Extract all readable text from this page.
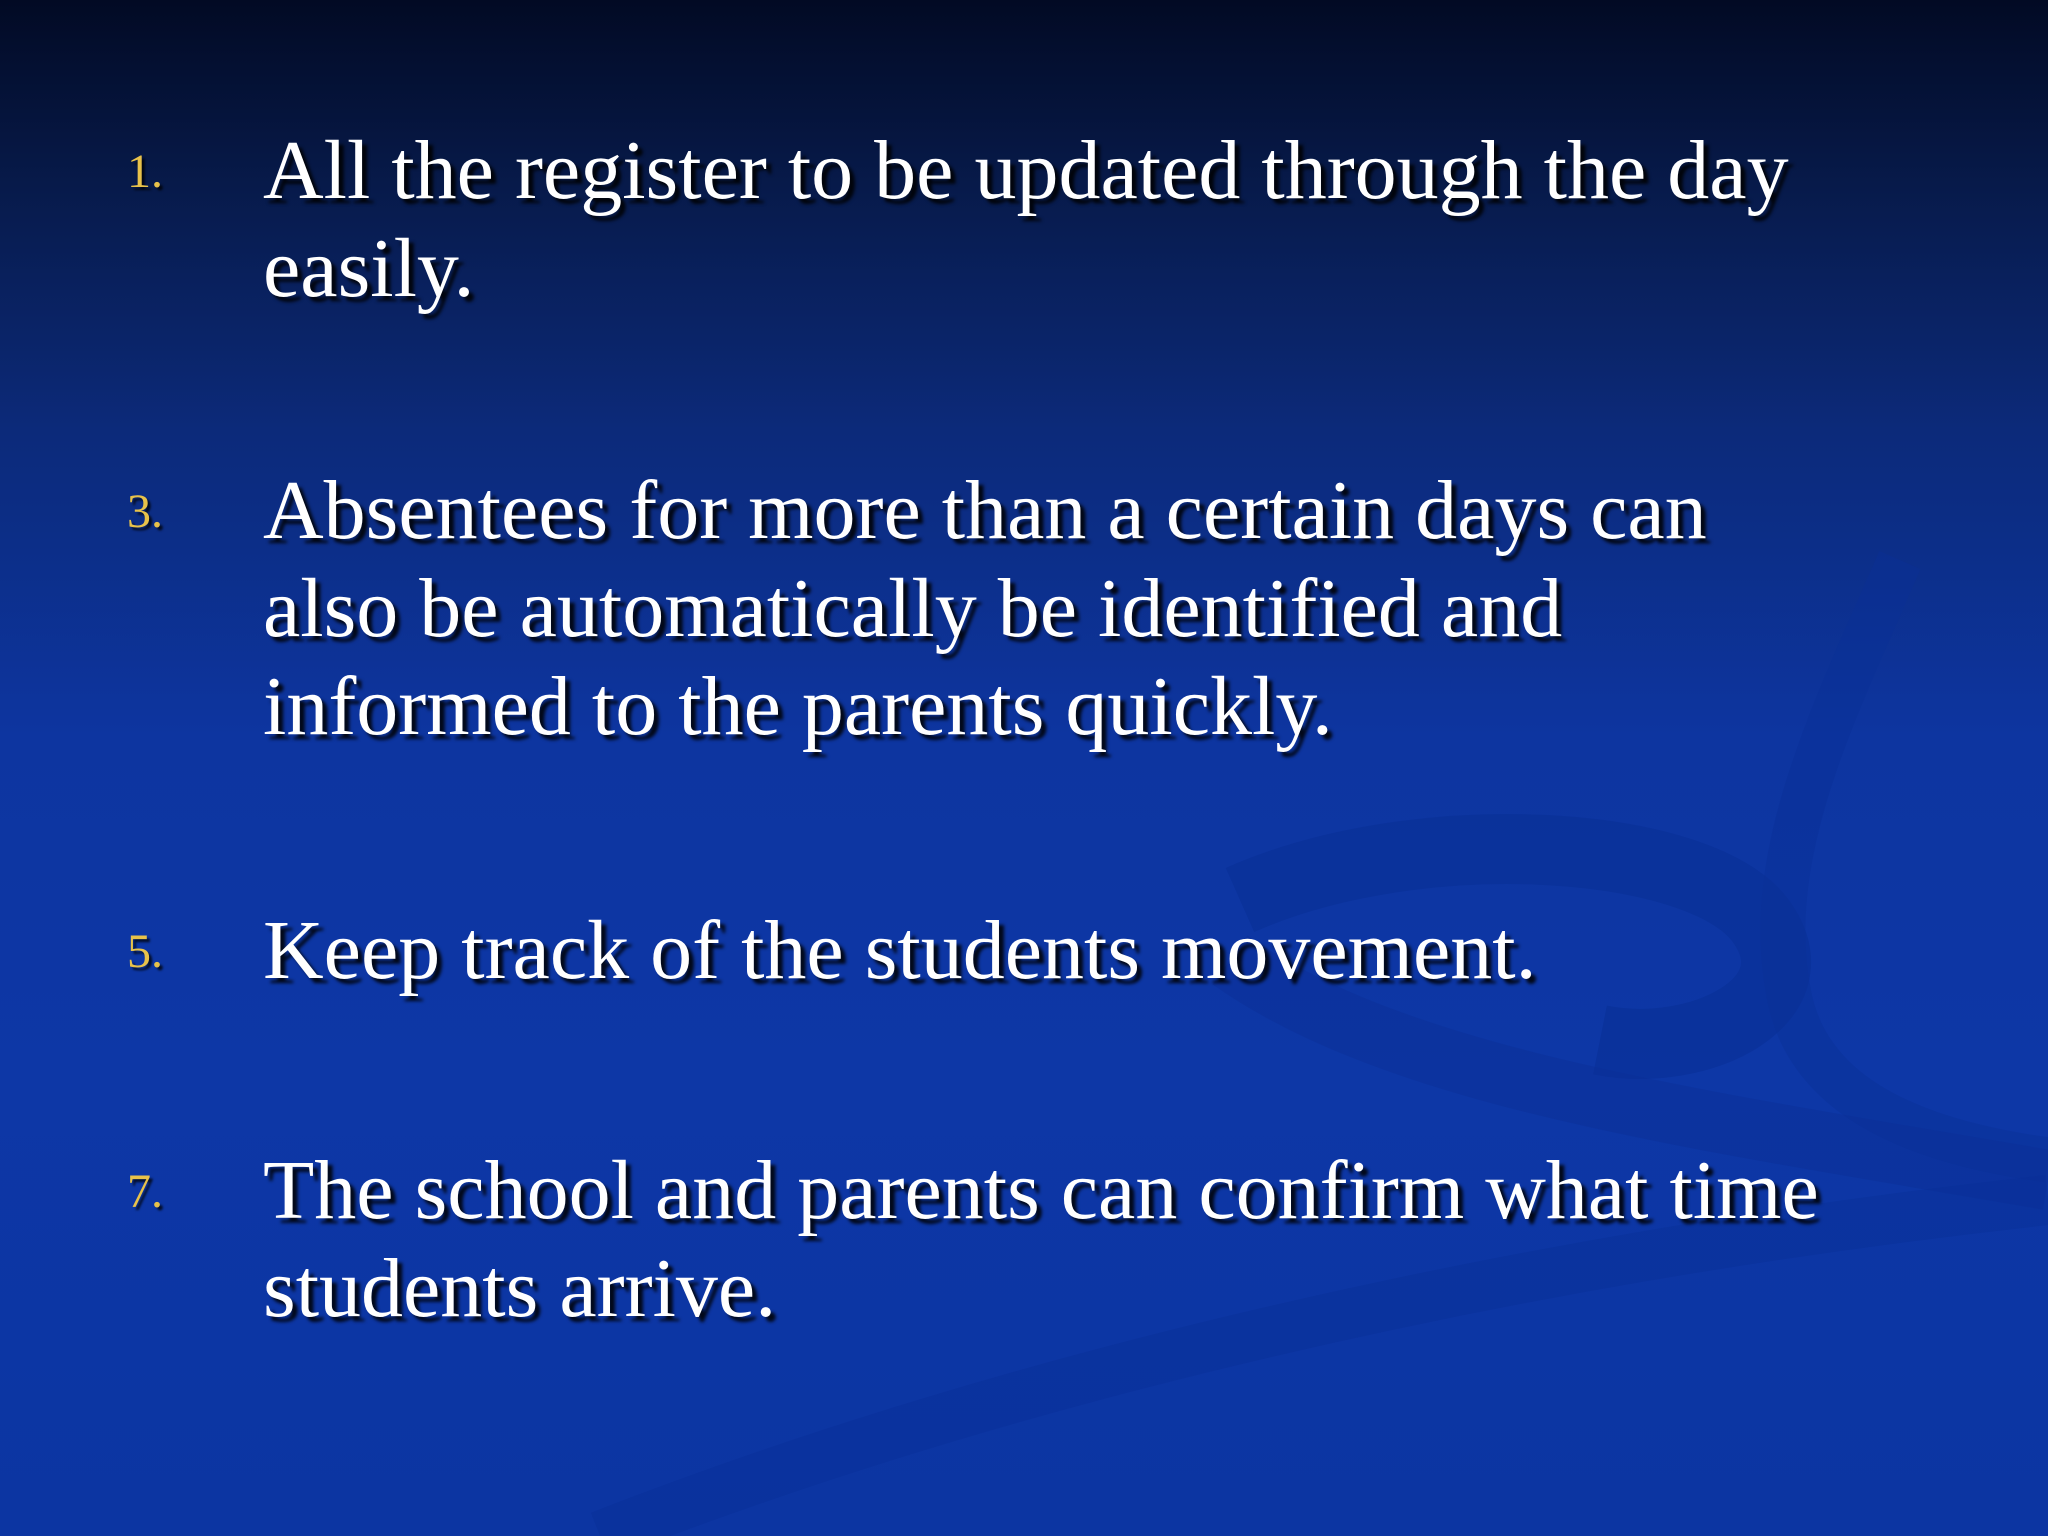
1. All the register to be updated through the day
easily.
3. Absentees for more than a certain days can
also be automatically be identified and
informed to the parents quickly.
5. Keep track of the students movement.
7. The school and parents can confirm what time
students arrive.
